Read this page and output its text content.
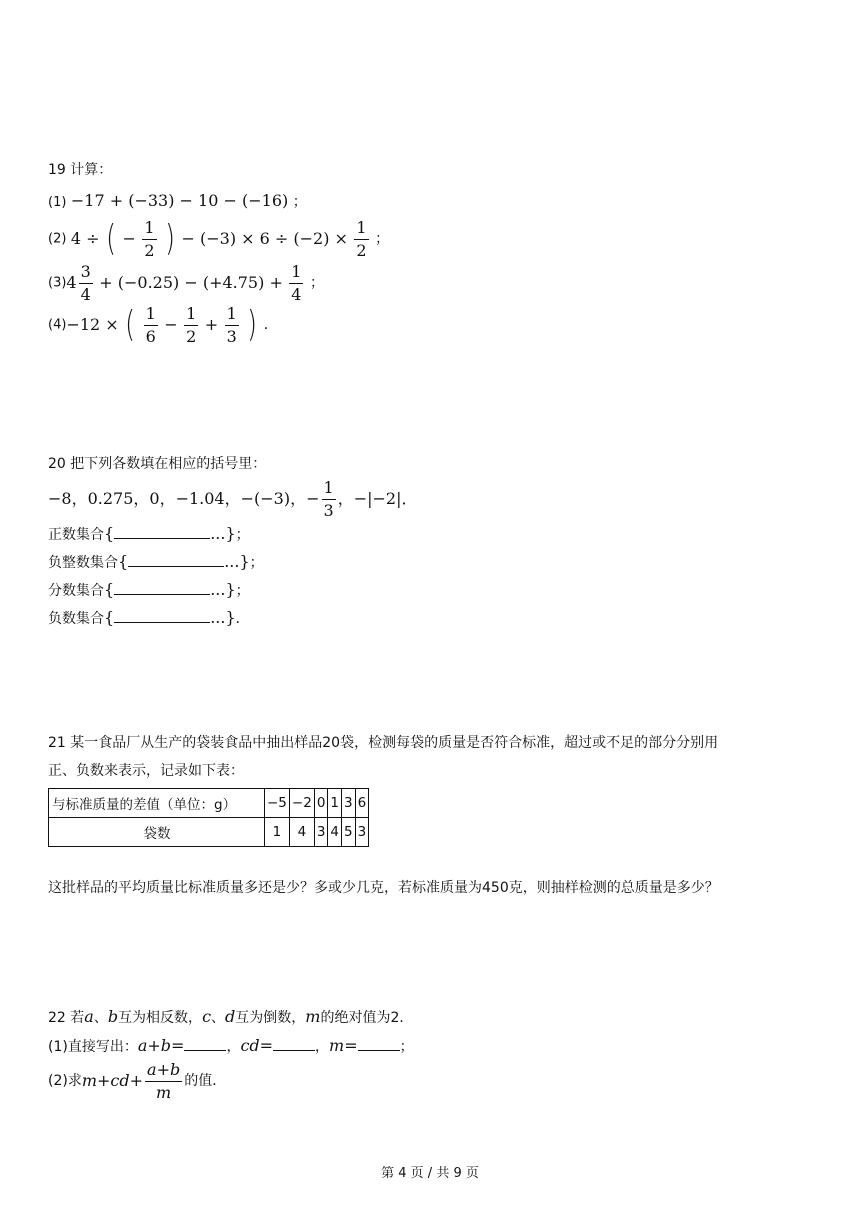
19 计算：
(1) −17 + (−33) − 10 − (−16) ；
(2) 4 ÷ ( − $\frac{1}{2}$ ) − $(-3) \times 6 \div (-2) \times \frac{1}{2}$ ；
$(3)4 \frac{3}{4} + (-0.25) - (+4.75) + \frac{1}{4}$ ；
(4)−12 × ( $\frac{1}{6} - \frac{1}{2} + \frac{1}{3}$ ) ．
20 把下列各数填在相应的括号里：
−8，0.275，0，−1.04，−(−3)，− $\frac{1}{3}$ ，−|−2|．
正数集合{	...}；
负整数集合{	...}；
分数集合{	...}；
负数集合{	...}．
21 某一食品厂从生产的袋装食品中抽出样品20袋，检测每袋的质量是否符合标准，超过或不足的部分分别用
正、负数来表示，记录如下表：
与标准质量的差值（单位：g）	−5	−2	0	1	3	6
袋数	1	4	3	4	5	3
这批样品的平均质量比标准质量多还是少？多或少几克，若标准质量为450克，则抽样检测的总质量是多少？
22 若a、b互为相反数，c、d互为倒数，m的绝对值为2．
(1)直接写出：a+b=	，cd=	，m=	；
(2)求$m+cd+ \frac{a+b}{m}$ 的值．
第 4 页 / 共 9 页
